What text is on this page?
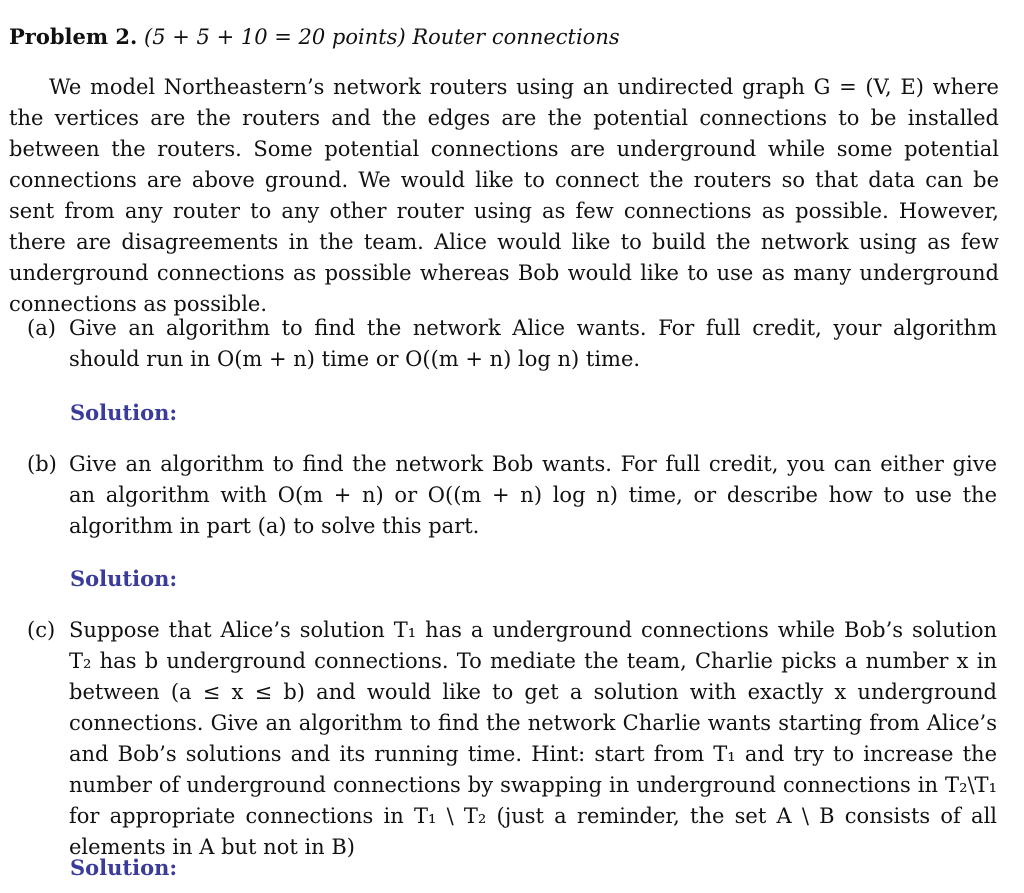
Problem 2. (5 + 5 + 10 = 20 points) Router connections

We model Northeastern’s network routers using an undirected graph G = (V, E) where the vertices are the routers and the edges are the potential connections to be installed between the routers. Some potential connections are underground while some potential connections are above ground. We would like to connect the routers so that data can be sent from any router to any other router using as few connections as possible. However, there are disagreements in the team. Alice would like to build the network using as few underground connections as possible whereas Bob would like to use as many underground connections as possible.

(a) Give an algorithm to find the network Alice wants. For full credit, your algorithm should run in O(m + n) time or O((m + n) log n) time.
Solution:
(b) Give an algorithm to find the network Bob wants. For full credit, you can either give an algorithm with O(m + n) or O((m + n) log n) time, or describe how to use the algorithm in part (a) to solve this part.
Solution:
(c) Suppose that Alice’s solution T₁ has a underground connections while Bob’s solution T₂ has b underground connections. To mediate the team, Charlie picks a number x in between (a ≤ x ≤ b) and would like to get a solution with exactly x underground connections. Give an algorithm to find the network Charlie wants starting from Alice’s and Bob’s solutions and its running time. Hint: start from T₁ and try to increase the number of underground connections by swapping in underground connections in T₂\T₁ for appropriate connections in T₁ \ T₂ (just a reminder, the set A \ B consists of all elements in A but not in B)
Solution:
